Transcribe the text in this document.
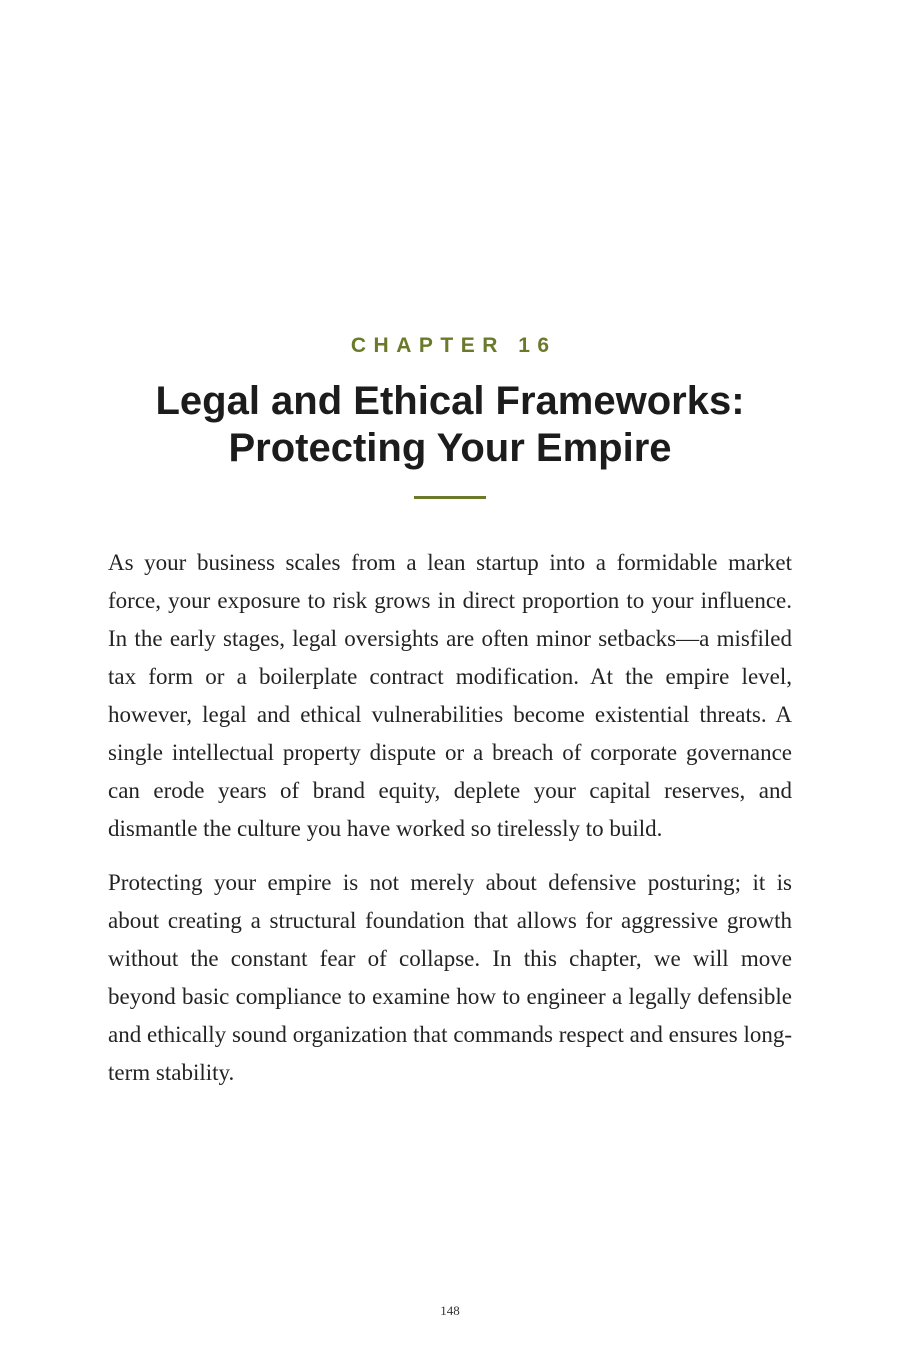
CHAPTER 16
Legal and Ethical Frameworks:
Protecting Your Empire

As your business scales from a lean startup into a formidable market force, your exposure to risk grows in direct proportion to your influence. In the early stages, legal oversights are often minor setbacks—a misfiled tax form or a boilerplate contract modification. At the empire level, however, legal and ethical vulnerabilities become existential threats. A single intellectual property dispute or a breach of corporate governance can erode years of brand equity, deplete your capital reserves, and dismantle the culture you have worked so tirelessly to build.

Protecting your empire is not merely about defensive posturing; it is about creating a structural foundation that allows for aggressive growth without the constant fear of collapse. In this chapter, we will move beyond basic compliance to examine how to engineer a legally defensible and ethically sound organization that commands respect and ensures long-term stability.

148
